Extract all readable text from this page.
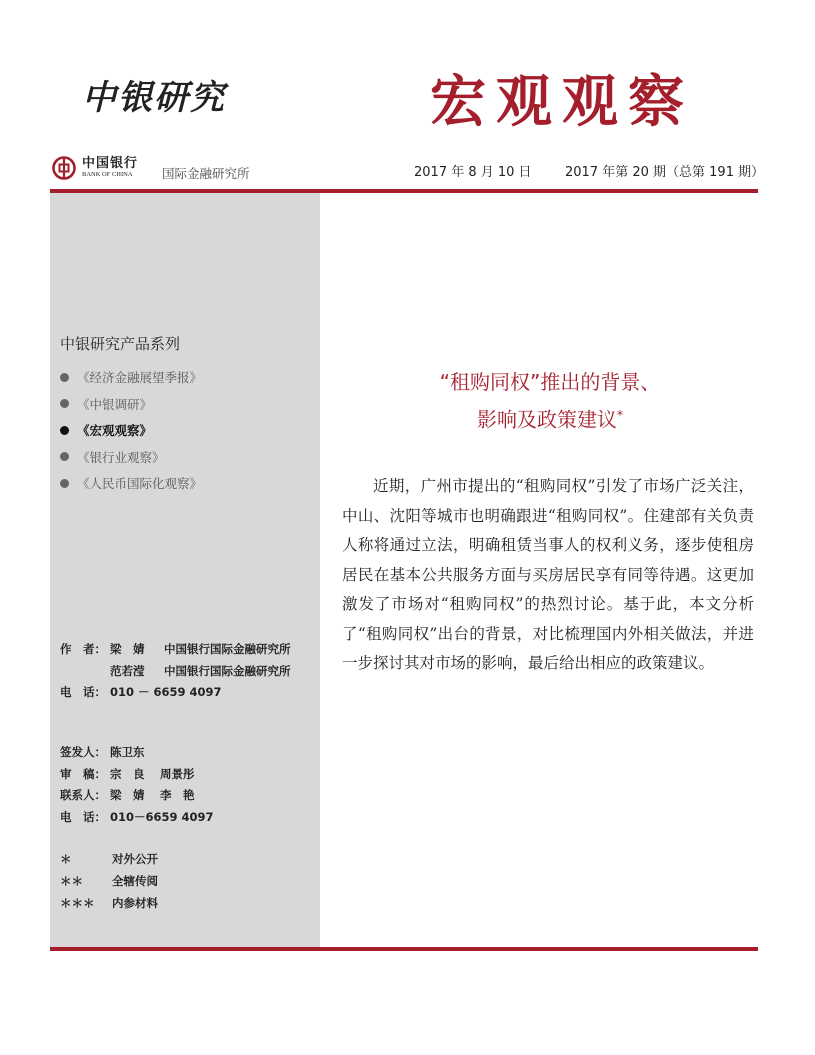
中银研究	宏观观察
中国银行
BANK OF CHINA	国际金融研究所	2017 年 8 月 10 日	2017 年第 20 期（总第 191 期）
中银研究产品系列
《经济金融展望季报》
《中银调研》
《宏观观察》
《银行业观察》
《人民币国际化观察》
作　者： 梁　婧	中国银行国际金融研究所
范若滢	中国银行国际金融研究所
电　话： 010 － 6659 4097
签发人： 陈卫东
审　稿： 宗　良　 周景彤
联系人： 梁　婧　 李　艳
电　话： 010－6659 4097
＊	对外公开
＊＊	全辖传阅
＊＊＊	内参材料
“租购同权”推出的背景、
影响及政策建议*

近期，广州市提出的“租购同权”引发了市场广泛关注，中山、沈阳等城市也明确跟进“租购同权”。住建部有关负责人称将通过立法，明确租赁当事人的权利义务，逐步使租房居民在基本公共服务方面与买房居民享有同等待遇。这更加激发了市场对“租购同权”的热烈讨论。基于此，本文分析了“租购同权”出台的背景，对比梳理国内外相关做法，并进一步探讨其对市场的影响，最后给出相应的政策建议。
